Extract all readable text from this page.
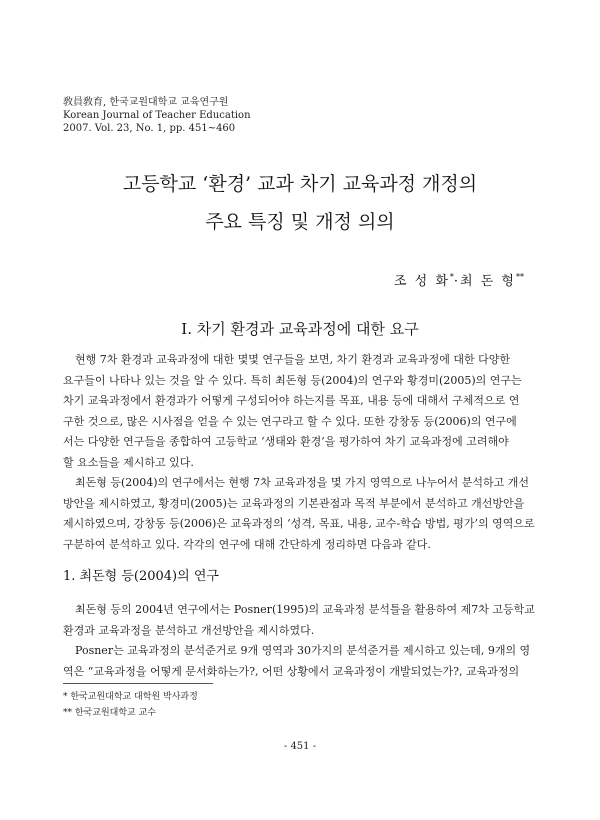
敎員敎育, 한국교원대학교 교육연구원
Korean Journal of Teacher Education
2007. Vol. 23, No. 1, pp. 451~460
고등학교 ‘환경’ 교과 차기 교육과정 개정의
주요 특징 및 개정 의의
조 성 화*·최 돈 형**
Ⅰ. 차기 환경과 교육과정에 대한 요구
현행 7차 환경과 교육과정에 대한 몇몇 연구들을 보면, 차기 환경과 교육과정에 대한 다양한
요구들이 나타나 있는 것을 알 수 있다. 특히 최돈형 등(2004)의 연구와 황경미(2005)의 연구는
차기 교육과정에서 환경과가 어떻게 구성되어야 하는지를 목표, 내용 등에 대해서 구체적으로 연
구한 것으로, 많은 시사점을 얻을 수 있는 연구라고 할 수 있다. 또한 강창동 등(2006)의 연구에
서는 다양한 연구들을 종합하여 고등학교 ‘생태와 환경’을 평가하여 차기 교육과정에 고려해야
할 요소들을 제시하고 있다.
최돈형 등(2004)의 연구에서는 현행 7차 교육과정을 몇 가지 영역으로 나누어서 분석하고 개선
방안을 제시하였고, 황경미(2005)는 교육과정의 기본관점과 목적 부분에서 분석하고 개선방안을
제시하였으며, 강창동 등(2006)은 교육과정의 ‘성격, 목표, 내용, 교수-학습 방법, 평가’의 영역으로
구분하여 분석하고 있다. 각각의 연구에 대해 간단하게 정리하면 다음과 같다.
1. 최돈형 등(2004)의 연구
최돈형 등의 2004년 연구에서는 Posner(1995)의 교육과정 분석틀을 활용하여 제7차 고등학교
환경과 교육과정을 분석하고 개선방안을 제시하였다.
Posner는 교육과정의 분석준거로 9개 영역과 30가지의 분석준거를 제시하고 있는데, 9개의 영
역은 “교육과정을 어떻게 문서화하는가?, 어떤 상황에서 교육과정이 개발되었는가?, 교육과정의
* 한국교원대학교 대학원 박사과정
** 한국교원대학교 교수
- 451 -
